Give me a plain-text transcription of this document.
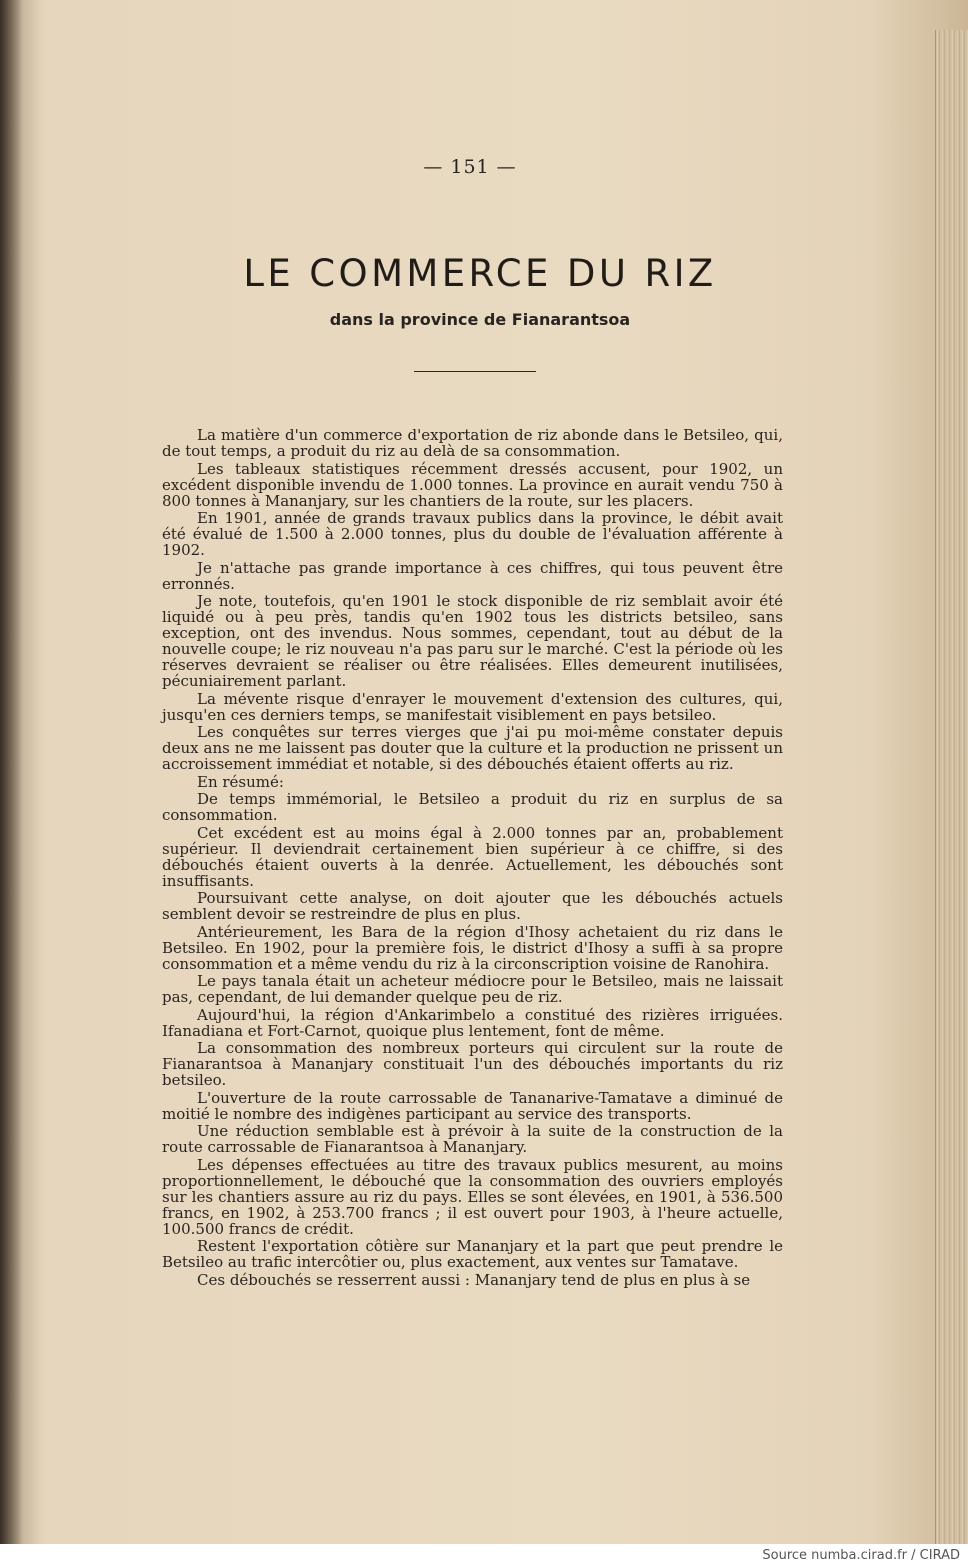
— 151 —
LE COMMERCE DU RIZ
dans la province de Fianarantsoa

La matière d'un commerce d'exportation de riz abonde dans le Betsileo, qui, de tout temps, a produit du riz au delà de sa consommation.

Les tableaux statistiques récemment dressés accusent, pour 1902, un excédent disponible invendu de 1.000 tonnes. La province en aurait vendu 750 à 800 tonnes à Mananjary, sur les chantiers de la route, sur les placers.

En 1901, année de grands travaux publics dans la province, le débit avait été évalué de 1.500 à 2.000 tonnes, plus du double de l'évaluation afférente à 1902.

Je n'attache pas grande importance à ces chiffres, qui tous peuvent être erronnés.

Je note, toutefois, qu'en 1901 le stock disponible de riz semblait avoir été liquidé ou à peu près, tandis qu'en 1902 tous les districts betsileo, sans exception, ont des invendus. Nous sommes, cependant, tout au début de la nouvelle coupe; le riz nouveau n'a pas paru sur le marché. C'est la période où les réserves devraient se réaliser ou être réalisées. Elles demeurent inutilisées, pécuniairement parlant.

La mévente risque d'enrayer le mouvement d'extension des cultures, qui, jusqu'en ces derniers temps, se manifestait visiblement en pays betsileo.

Les conquêtes sur terres vierges que j'ai pu moi-même constater depuis deux ans ne me laissent pas douter que la culture et la production ne prissent un accroissement immédiat et notable, si des débouchés étaient offerts au riz.

En résumé:

De temps immémorial, le Betsileo a produit du riz en surplus de sa consommation.

Cet excédent est au moins égal à 2.000 tonnes par an, probablement supérieur. Il deviendrait certainement bien supérieur à ce chiffre, si des débouchés étaient ouverts à la denrée. Actuellement, les débouchés sont insuffisants.

Poursuivant cette analyse, on doit ajouter que les débouchés actuels semblent devoir se restreindre de plus en plus.

Antérieurement, les Bara de la région d'Ihosy achetaient du riz dans le Betsileo. En 1902, pour la première fois, le district d'Ihosy a suffi à sa propre consommation et a même vendu du riz à la circonscription voisine de Ranohira.

Le pays tanala était un acheteur médiocre pour le Betsileo, mais ne laissait pas, cependant, de lui demander quelque peu de riz.

Aujourd'hui, la région d'Ankarimbelo a constitué des rizières irriguées. Ifanadiana et Fort-Carnot, quoique plus lentement, font de même.

La consommation des nombreux porteurs qui circulent sur la route de Fianarantsoa à Mananjary constituait l'un des débouchés importants du riz betsileo.

L'ouverture de la route carrossable de Tananarive-Tamatave a diminué de moitié le nombre des indigènes participant au service des transports.

Une réduction semblable est à prévoir à la suite de la construction de la route carrossable de Fianarantsoa à Mananjary.

Les dépenses effectuées au titre des travaux publics mesurent, au moins proportionnellement, le débouché que la consommation des ouvriers employés sur les chantiers assure au riz du pays. Elles se sont élevées, en 1901, à 536.500 francs, en 1902, à 253.700 francs ; il est ouvert pour 1903, à l'heure actuelle, 100.500 francs de crédit.

Restent l'exportation côtière sur Mananjary et la part que peut prendre le Betsileo au trafic intercôtier ou, plus exactement, aux ventes sur Tamatave.

Ces débouchés se resserrent aussi : Mananjary tend de plus en plus à se

Source numba.cirad.fr / CIRAD
